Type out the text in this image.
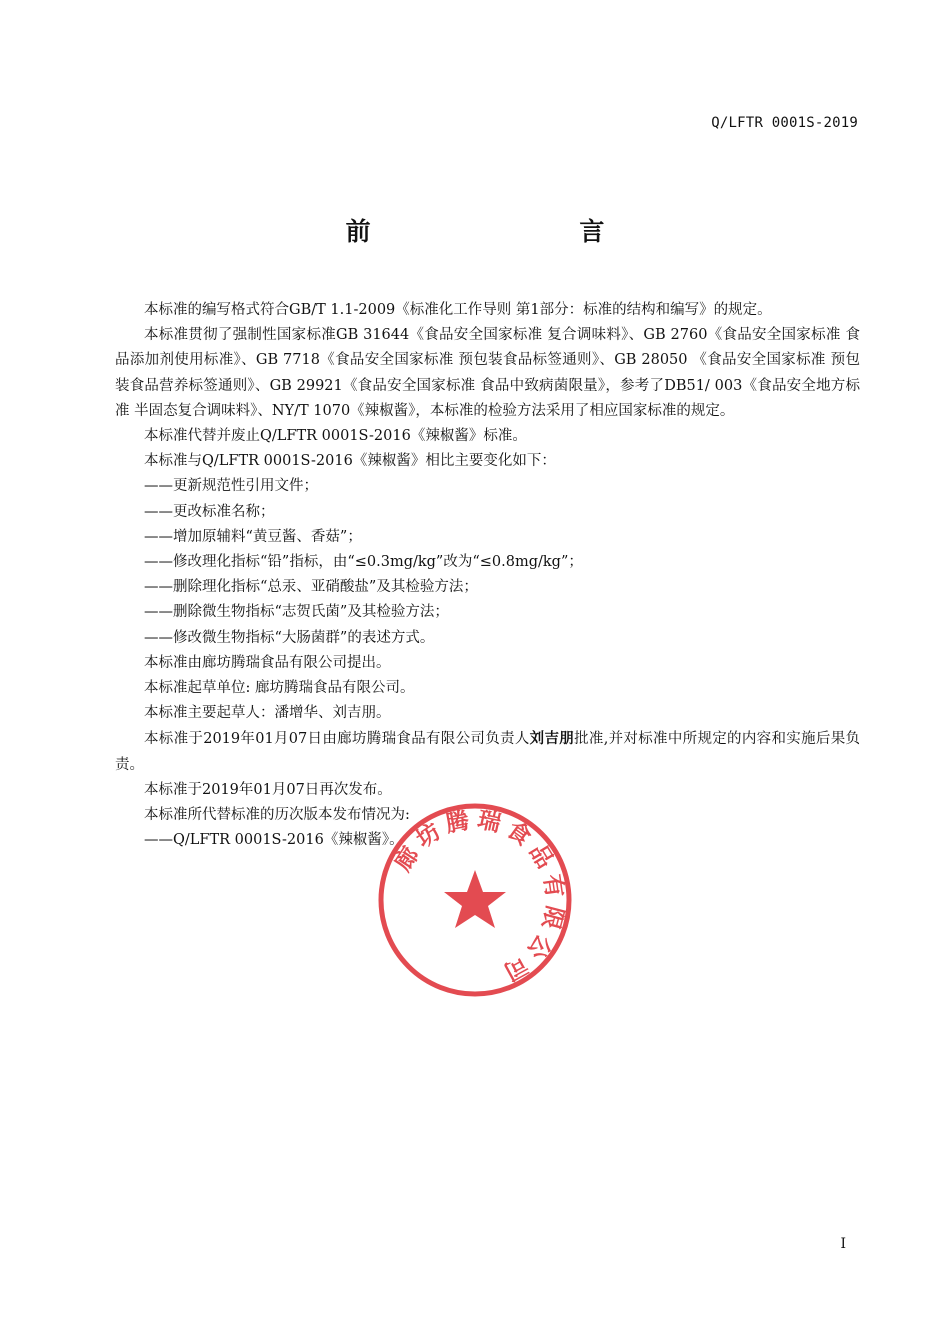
Q/LFTR 0001S-2019
前 言

本标准的编写格式符合GB/T 1.1-2009《标准化工作导则 第1部分：标准的结构和编写》的规定。

本标准贯彻了强制性国家标准GB 31644《食品安全国家标准 复合调味料》、GB 2760《食品安全国家标准 食品添加剂使用标准》、GB 7718《食品安全国家标准 预包装食品标签通则》、GB 28050 《食品安全国家标准 预包装食品营养标签通则》、GB 29921《食品安全国家标准 食品中致病菌限量》，参考了DB51/ 003《食品安全地方标准 半固态复合调味料》、NY/T 1070《辣椒酱》，本标准的检验方法采用了相应国家标准的规定。

本标准代替并废止Q/LFTR 0001S-2016《辣椒酱》标准。

本标准与Q/LFTR 0001S-2016《辣椒酱》相比主要变化如下：

——更新规范性引用文件；

——更改标准名称；

——增加原辅料“黄豆酱、香菇”；

——修改理化指标“铅”指标，由“≤0.3mg/kg”改为“≤0.8mg/kg”；

——删除理化指标“总汞、亚硝酸盐”及其检验方法；

——删除微生物指标“志贺氏菌”及其检验方法；

——修改微生物指标“大肠菌群”的表述方式。

本标准由廊坊腾瑞食品有限公司提出。

本标准起草单位: 廊坊腾瑞食品有限公司。

本标准主要起草人：潘增华、刘吉朋。

本标准于2019年01月07日由廊坊腾瑞食品有限公司负责人刘吉朋批准,并对标准中所规定的内容和实施后果负责。

本标准于2019年01月07日再次发布。

本标准所代替标准的历次版本发布情况为:

——Q/LFTR 0001S-2016《辣椒酱》。

廊坊腾瑞食品有限公司
I
